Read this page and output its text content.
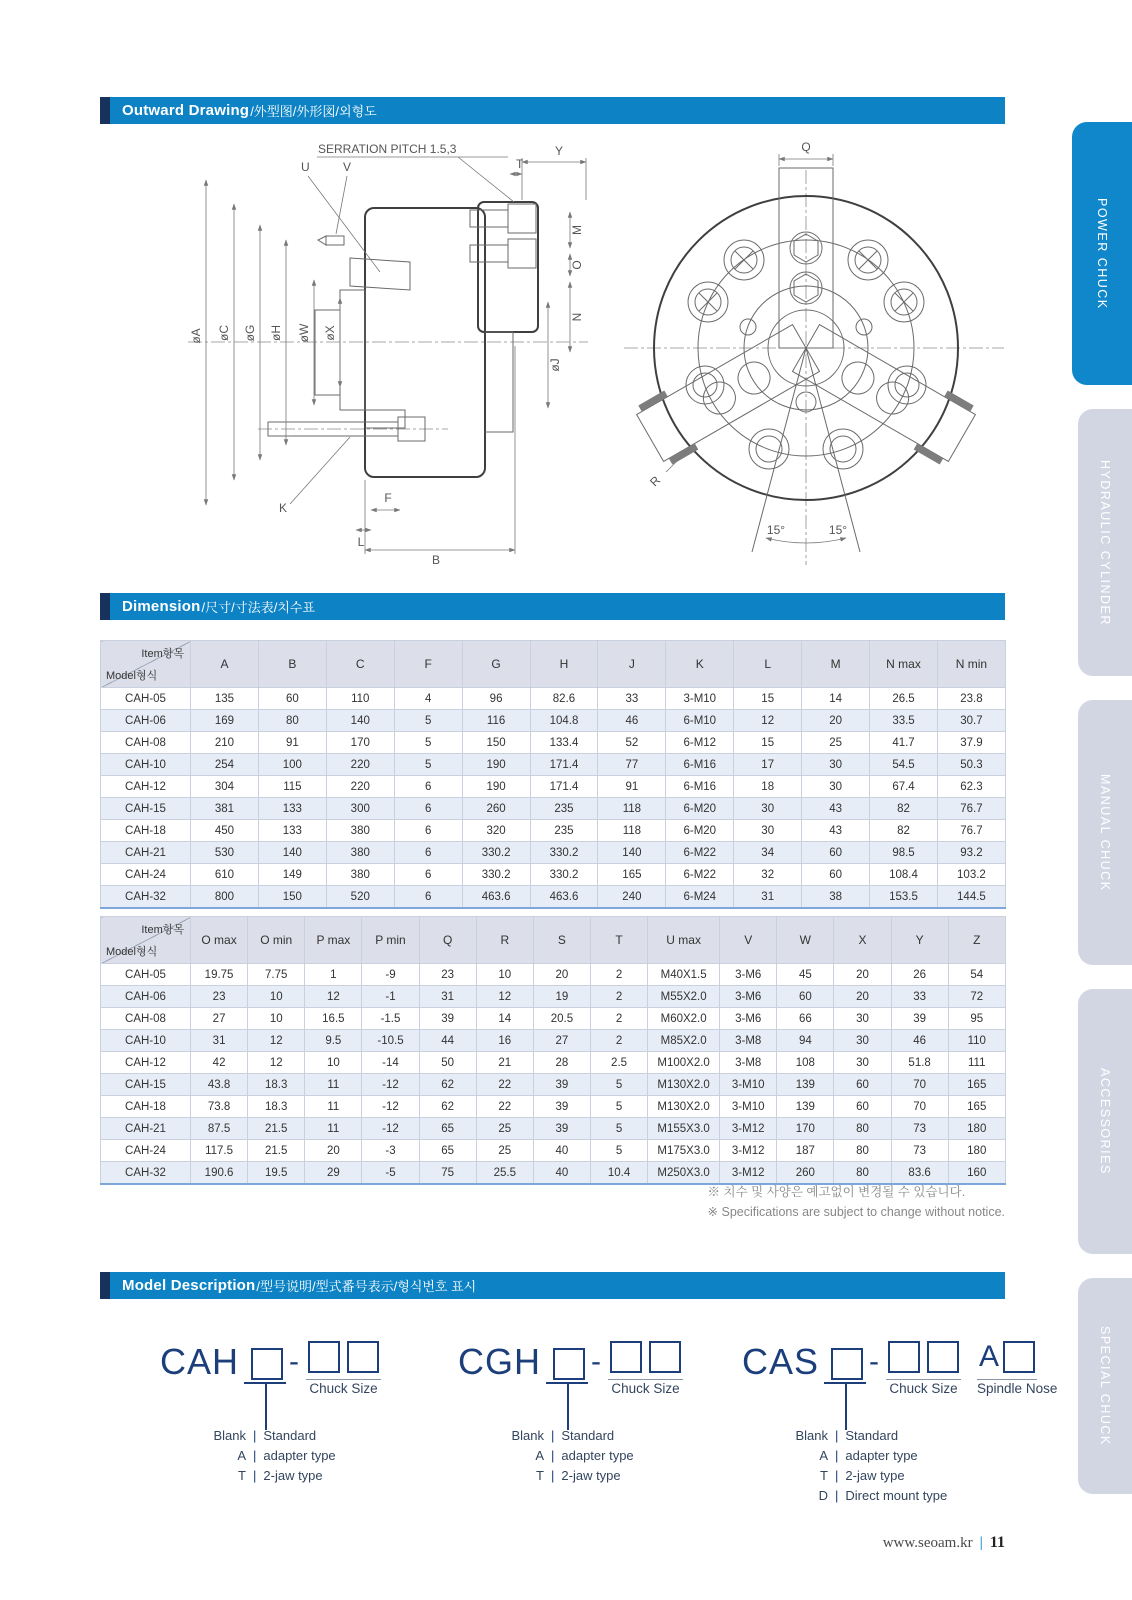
Outward Drawing /外型图/外形図/외형도
SERRATION PITCH 1.5,3
U	V	T
Y
øA øC øG øH øW øX
M
O
N
øJ
B
L
F
K
Q
R
15°	15°
Dimension /尺寸/寸法表/치수표
Item항목
Model형식	A	B	C	F	G	H	J	K	L	M	N max	N min
CAH-05	135	60	110	4	96	82.6	33	3-M10	15	14	26.5	23.8
CAH-06	169	80	140	5	116	104.8	46	6-M10	12	20	33.5	30.7
CAH-08	210	91	170	5	150	133.4	52	6-M12	15	25	41.7	37.9
CAH-10	254	100	220	5	190	171.4	77	6-M16	17	30	54.5	50.3
CAH-12	304	115	220	6	190	171.4	91	6-M16	18	30	67.4	62.3
CAH-15	381	133	300	6	260	235	118	6-M20	30	43	82	76.7
CAH-18	450	133	380	6	320	235	118	6-M20	30	43	82	76.7
CAH-21	530	140	380	6	330.2	330.2	140	6-M22	34	60	98.5	93.2
CAH-24	610	149	380	6	330.2	330.2	165	6-M22	32	60	108.4	103.2
CAH-32	800	150	520	6	463.6	463.6	240	6-M24	31	38	153.5	144.5
Item항목
Model형식	O max	O min	P max	P min	Q	R	S	T	U max	V	W	X	Y	Z
CAH-05	19.75	7.75	1	-9	23	10	20	2	M40X1.5	3-M6	45	20	26	54
CAH-06	23	10	12	-1	31	12	19	2	M55X2.0	3-M6	60	20	33	72
CAH-08	27	10	16.5	-1.5	39	14	20.5	2	M60X2.0	3-M6	66	30	39	95
CAH-10	31	12	9.5	-10.5	44	16	27	2	M85X2.0	3-M8	94	30	46	110
CAH-12	42	12	10	-14	50	21	28	2.5	M100X2.0	3-M8	108	30	51.8	111
CAH-15	43.8	18.3	11	-12	62	22	39	5	M130X2.0	3-M10	139	60	70	165
CAH-18	73.8	18.3	11	-12	62	22	39	5	M130X2.0	3-M10	139	60	70	165
CAH-21	87.5	21.5	11	-12	65	25	39	5	M155X3.0	3-M12	170	80	73	180
CAH-24	117.5	21.5	20	-3	65	25	40	5	M175X3.0	3-M12	187	80	73	180
CAH-32	190.6	19.5	29	-5	75	25.5	40	10.4	M250X3.0	3-M12	260	80	83.6	160
※ 치수 및 사양은 예고없이 변경될 수 있습니다.
※ Specifications are subject to change without notice.
Model Description /型号说明/型式番号表示/형식번호 표시
CAH -
Chuck Size
Blank | Standard
A | adapter type
T | 2-jaw type
CGH -
Chuck Size
Blank | Standard
A | adapter type
T | 2-jaw type
CAS -
Chuck Size
A
Spindle Nose
Blank | Standard
A | adapter type
T | 2-jaw type
D | Direct mount type
www.seoam.kr | 11
POWER CHUCK
HYDRAULIC CYLINDER
MANUAL CHUCK
ACCESSORIES
SPECIAL CHUCK
